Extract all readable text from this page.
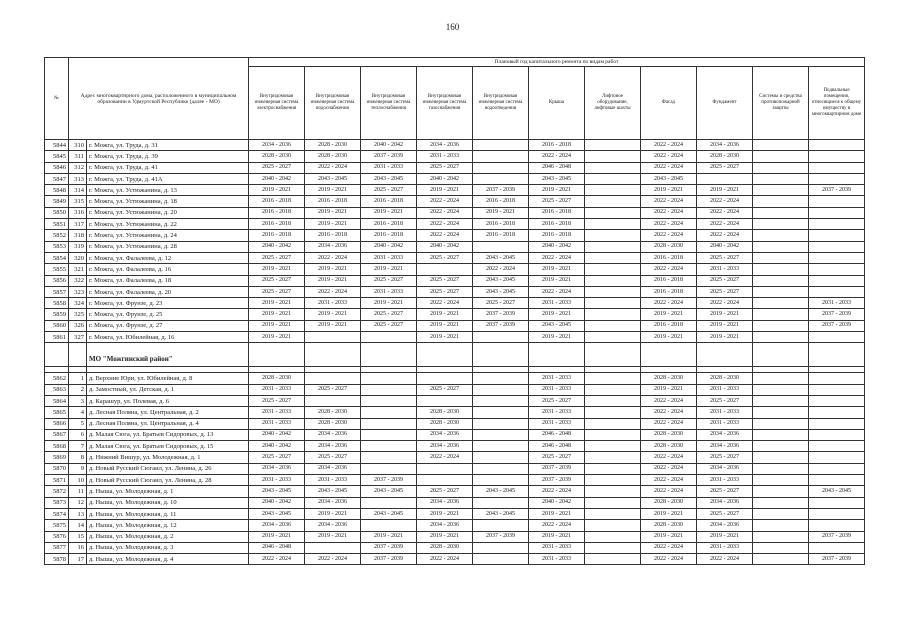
160
№	Адрес многоквартирного дома, расположенного в муниципальном образовании в Удмуртской Республике (далее - МО)		Плановый год капитального ремонта по видам работ										
			Внутридомовая инженерная система электроснабжения	Внутридомовая инженерная система водоснабжения	Внутридомовая инженерная система теплоснабжения	Внутридомовая инженерная система газоснабжения	Внутридомовая инженерная система водоотведения	Крыша	Лифтовое оборудование, лифтовые шахты	Фасад	Фундамент	Системы и средства противопожарной защиты	Подвальные помещения, относящиеся к общему имуществу в многоквартирном доме
5844	310	г. Можга, ул. Труда, д. 31	2034 - 2036	2028 - 2030	2040 - 2042	2034 - 2036		2016 - 2018		2022 - 2024	2034 - 2036		
5845	311	г. Можга, ул. Труда, д. 39	2028 - 2030	2028 - 2030	2037 - 2039	2031 - 2033		2022 - 2024		2022 - 2024	2028 - 2030		
5846	312	г. Можга, ул. Труда, д. 41	2025 - 2027	2022 - 2024	2031 - 2033	2025 - 2027		2046 - 2048		2022 - 2024	2025 - 2027		
5847	313	г. Можга, ул. Труда, д. 41А	2040 - 2042	2043 - 2045	2043 - 2045	2040 - 2042		2043 - 2045		2043 - 2045			
5848	314	г. Можга, ул. Устюжанина, д. 13	2019 - 2021	2019 - 2021	2025 - 2027	2019 - 2021	2037 - 2039	2019 - 2021		2019 - 2021	2019 - 2021		2037 - 2039
5849	315	г. Можга, ул. Устюжанина, д. 18	2016 - 2018	2016 - 2018	2016 - 2018	2022 - 2024	2016 - 2018	2025 - 2027		2022 - 2024	2022 - 2024		
5850	316	г. Можга, ул. Устюжанина, д. 20	2016 - 2018	2019 - 2021	2019 - 2021	2022 - 2024	2019 - 2021	2016 - 2018		2022 - 2024	2022 - 2024		
5851	317	г. Можга, ул. Устюжанина, д. 22	2016 - 2018	2019 - 2021	2016 - 2018	2022 - 2024	2016 - 2018	2016 - 2018		2022 - 2024	2022 - 2024		
5852	318	г. Можга, ул. Устюжанина, д. 24	2016 - 2018	2016 - 2018	2016 - 2018	2022 - 2024	2016 - 2018	2016 - 2018		2022 - 2024	2022 - 2024		
5853	319	г. Можга, ул. Устюжанина, д. 28	2040 - 2042	2034 - 2036	2040 - 2042	2040 - 2042		2040 - 2042		2028 - 2030	2040 - 2042		
5854	320	г. Можга, ул. Фалалеева, д. 12	2025 - 2027	2022 - 2024	2031 - 2033	2025 - 2027	2043 - 2045	2022 - 2024		2016 - 2018	2025 - 2027		
5855	321	г. Можга, ул. Фалалеева, д. 16	2019 - 2021	2019 - 2021	2019 - 2021		2022 - 2024	2019 - 2021		2022 - 2024	2031 - 2033		
5856	322	г. Можга, ул. Фалалеева, д. 18	2025 - 2027	2019 - 2021	2025 - 2027	2025 - 2027	2043 - 2045	2019 - 2021		2016 - 2018	2025 - 2027		
5857	323	г. Можга, ул. Фалалеева, д. 20	2025 - 2027	2022 - 2024	2031 - 2033	2025 - 2027	2043 - 2045	2022 - 2024		2016 - 2018	2025 - 2027		
5858	324	г. Можга, ул. Фрунзе, д. 23	2019 - 2021	2031 - 2033	2019 - 2021	2022 - 2024	2025 - 2027	2031 - 2033		2022 - 2024	2022 - 2024		2031 - 2033
5859	325	г. Можга, ул. Фрунзе, д. 25	2019 - 2021	2019 - 2021	2025 - 2027	2019 - 2021	2037 - 2039	2019 - 2021		2019 - 2021	2019 - 2021		2037 - 2039
5860	326	г. Можга, ул. Фрунзе, д. 27	2019 - 2021	2019 - 2021	2025 - 2027	2019 - 2021	2037 - 2039	2043 - 2045		2016 - 2018	2019 - 2021		2037 - 2039
5861	327	г. Можга, ул. Юбилейная, д. 16	2019 - 2021			2019 - 2021		2019 - 2021		2019 - 2021	2019 - 2021		
		МО "Можгинский район"											

5862	1	д. Верхние Юри, ул. Юбилейная, д. 8	2028 - 2030					2031 - 2033		2028 - 2030	2028 - 2030		
5863	2	д. Замостный, ул. Детская, д. 1	2031 - 2033	2025 - 2027		2025 - 2027		2031 - 2033		2019 - 2021	2031 - 2033		
5864	3	д. Карашур, ул. Полевая, д. 6	2025 - 2027					2025 - 2027		2022 - 2024	2025 - 2027		
5865	4	д. Лесная Поляна, ул. Центральная, д. 2	2031 - 2033	2028 - 2030		2028 - 2030		2031 - 2033		2022 - 2024	2031 - 2033		
5866	5	д. Лесная Поляна, ул. Центральная, д. 4	2031 - 2033	2028 - 2030		2028 - 2030		2031 - 2033		2022 - 2024	2031 - 2033		
5867	6	д. Малая Сюга, ул. Братьев Сидоровых, д. 13	2040 - 2042	2034 - 2036		2034 - 2036		2046 - 2048		2028 - 2030	2034 - 2036		
5868	7	д. Малая Сюга, ул. Братьев Сидоровых, д. 15	2040 - 2042	2034 - 2036		2034 - 2036		2046 - 2048		2028 - 2030	2034 - 2036		
5869	8	д. Нижний Вишур, ул. Молодежная, д. 1	2025 - 2027	2025 - 2027		2022 - 2024		2025 - 2027		2022 - 2024	2025 - 2027		
5870	9	д. Новый Русский Сюгаил, ул. Ленина, д. 26	2034 - 2036	2034 - 2036				2037 - 2039		2022 - 2024	2034 - 2036		
5871	10	д. Новый Русский Сюгаил, ул. Ленина, д. 28	2031 - 2033	2031 - 2033	2037 - 2039			2037 - 2039		2022 - 2024	2031 - 2033		
5872	11	д. Ныша, ул. Молодежная, д. 1	2043 - 2045	2043 - 2045	2043 - 2045	2025 - 2027	2043 - 2045	2022 - 2024		2022 - 2024	2025 - 2027		2043 - 2045
5873	12	д. Ныша, ул. Молодежная, д. 10	2040 - 2042	2034 - 2036		2034 - 2036		2040 - 2042		2028 - 2030	2034 - 2036		
5874	13	д. Ныша, ул. Молодежная, д. 11	2043 - 2045	2019 - 2021	2043 - 2045	2019 - 2021	2043 - 2045	2019 - 2021		2019 - 2021	2025 - 2027		
5875	14	д. Ныша, ул. Молодежная, д. 12	2034 - 2036	2034 - 2036		2034 - 2036		2022 - 2024		2028 - 2030	2034 - 2036		
5876	15	д. Ныша, ул. Молодежная, д. 2	2019 - 2021	2019 - 2021	2019 - 2021	2019 - 2021	2037 - 2039	2019 - 2021		2019 - 2021	2019 - 2021		2037 - 2039
5877	16	д. Ныша, ул. Молодежная, д. 3	2046 - 2048		2037 - 2039	2028 - 2030		2031 - 2033		2022 - 2024	2031 - 2033		
5878	17	д. Ныша, ул. Молодежная, д. 4	2022 - 2024	2022 - 2024	2037 - 2039	2022 - 2024		2031 - 2033		2022 - 2024	2022 - 2024		2037 - 2039
